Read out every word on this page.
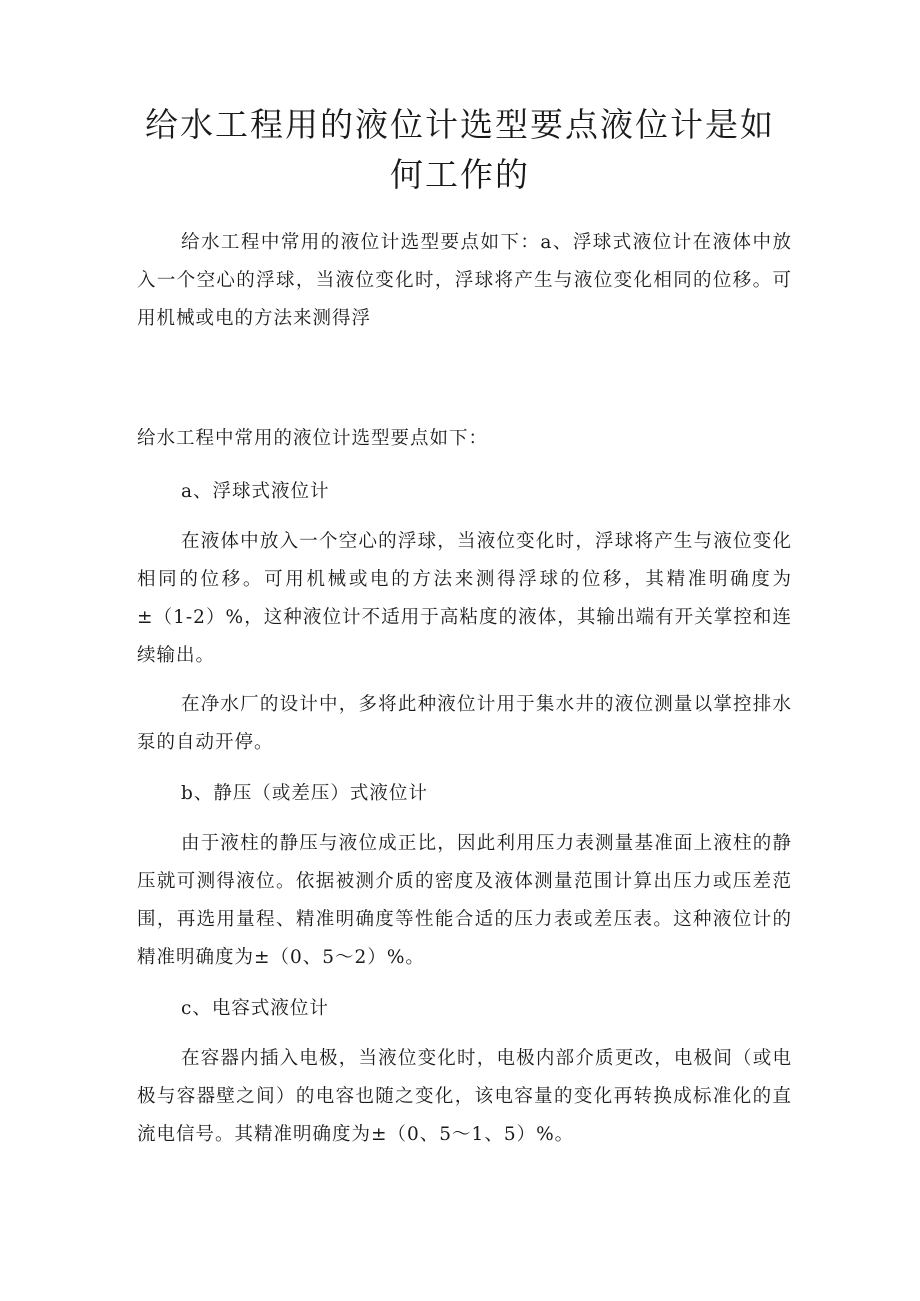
给水工程用的液位计选型要点液位计是如何工作的

给水工程中常用的液位计选型要点如下：a、浮球式液位计在液体中放入一个空心的浮球，当液位变化时，浮球将产生与液位变化相同的位移。可用机械或电的方法来测得浮

给水工程中常用的液位计选型要点如下：

a、浮球式液位计

在液体中放入一个空心的浮球，当液位变化时，浮球将产生与液位变化相同的位移。可用机械或电的方法来测得浮球的位移，其精准明确度为±（1-2）%，这种液位计不适用于高粘度的液体，其输出端有开关掌控和连续输出。

在净水厂的设计中，多将此种液位计用于集水井的液位测量以掌控排水泵的自动开停。

b、静压（或差压）式液位计

由于液柱的静压与液位成正比，因此利用压力表测量基准面上液柱的静压就可测得液位。依据被测介质的密度及液体测量范围计算出压力或压差范围，再选用量程、精准明确度等性能合适的压力表或差压表。这种液位计的精准明确度为±（0、5～2）%。

c、电容式液位计

在容器内插入电极，当液位变化时，电极内部介质更改，电极间（或电极与容器壁之间）的电容也随之变化，该电容量的变化再转换成标准化的直流电信号。其精准明确度为±（0、5～1、5）%。
